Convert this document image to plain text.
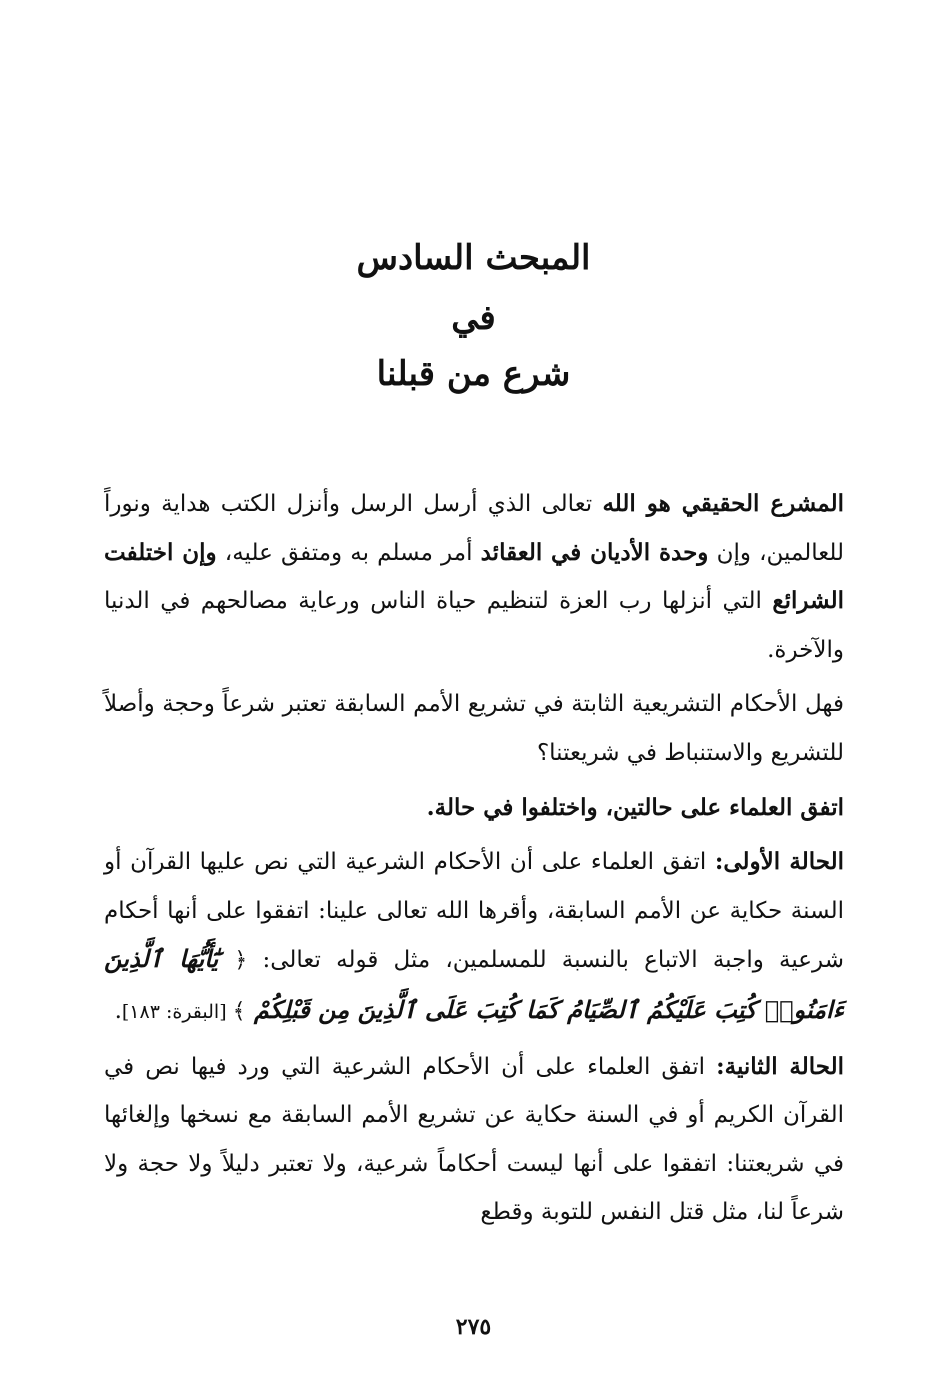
المبحث السادس
في
شرع من قبلنا

المشرع الحقيقي هو الله تعالى الذي أرسل الرسل وأنزل الكتب هداية ونوراً للعالمين، وإن وحدة الأديان في العقائد أمر مسلم به ومتفق عليه، وإن اختلفت الشرائع التي أنزلها رب العزة لتنظيم حياة الناس ورعاية مصالحهم في الدنيا والآخرة.

فهل الأحكام التشريعية الثابتة في تشريع الأمم السابقة تعتبر شرعاً وحجة وأصلاً للتشريع والاستنباط في شريعتنا؟

اتفق العلماء على حالتين، واختلفوا في حالة.

الحالة الأولى: اتفق العلماء على أن الأحكام الشرعية التي نص عليها القرآن أو السنة حكاية عن الأمم السابقة، وأقرها الله تعالى علينا: اتفقوا على أنها أحكام شرعية واجبة الاتباع بالنسبة للمسلمين، مثل قوله تعالى: ﴿ يَٰٓأَيُّهَا ٱلَّذِينَ ءَامَنُوا۟ كُتِبَ عَلَيْكُمُ ٱلصِّيَامُ كَمَا كُتِبَ عَلَى ٱلَّذِينَ مِن قَبْلِكُمْ ﴾ [البقرة: ١٨٣].

الحالة الثانية: اتفق العلماء على أن الأحكام الشرعية التي ورد فيها نص في القرآن الكريم أو في السنة حكاية عن تشريع الأمم السابقة مع نسخها وإلغائها في شريعتنا: اتفقوا على أنها ليست أحكاماً شرعية، ولا تعتبر دليلاً ولا حجة ولا شرعاً لنا، مثل قتل النفس للتوبة وقطع

٢٧٥
